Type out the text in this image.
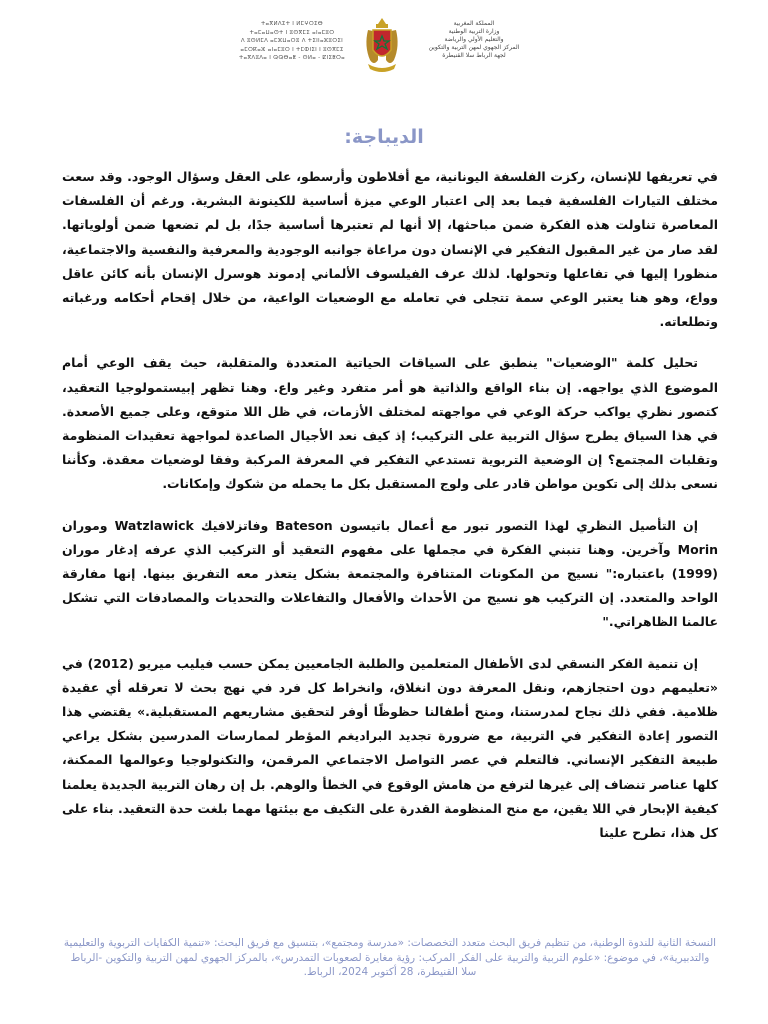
ⵜⴰⴳⵍⴷⵉⵜ ⵏ ⵍⵎⵖⵔⵉⴱ
ⵜⴰⵎⴰⵡⴰⵙⵜ ⵏ ⵓⵙⴳⵎⵉ ⴰⵏⴰⵎⵓⵔ
ⴷ ⵓⵙⵍⵎⴷ ⴰⵎⵣⵡⴰⵔⵓ ⴷ ⵜⵉⵏⵏⴰⵣⵓⵔⵉⵏ
ⴰⵎⵔⴽⴰⵣ ⴰⵏⴰⵎⵓⵔ ⵏ ⵜⵎⵀⵏⵉⵏ ⵏ ⵓⵙⴳⵎⵉ
ⵜⴰⴳⴷⵓⴷⴰ ⵏ ⵕⵕⴱⴰⵟ - ⵙⵍⴰ - ⵇⵏⵉⵟⵔⴰ
المملكة المغربية
وزارة التربية الوطنية
والتعليم الأولي والرياضة
المركز الجهوي لمهن التربية والتكوين
لجهة الرباط سلا القنيطرة
الديباجة:

في تعريفها للإنسان، ركزت الفلسفة اليونانية، مع أفلاطون وأرسطو، على العقل وسؤال الوجود. وقد سعت مختلف التيارات الفلسفية فيما بعد إلى اعتبار الوعي ميزة أساسية للكينونة البشرية. ورغم أن الفلسفات المعاصرة تناولت هذه الفكرة ضمن مباحثها، إلا أنها لم تعتبرها أساسية جدًا، بل لم تضعها ضمن أولوياتها. لقد صار من غير المقبول التفكير في الإنسان دون مراعاة جوانبه الوجودية والمعرفية والنفسية والاجتماعية، منظورا إليها في تفاعلها وتحولها. لذلك عرف الفيلسوف الألماني إدموند هوسرل الإنسان بأنه كائن عاقل وواع، وهو هنا يعتبر الوعي سمة تتجلى في تعامله مع الوضعيات الواعية، من خلال إقحام أحكامه ورغباته وتطلعاته.

تحليل كلمة "الوضعيات" ينطبق على السياقات الحياتية المتعددة والمتقلبة، حيث يقف الوعي أمام الموضوع الذي يواجهه. إن بناء الواقع والذاتية هو أمر متفرد وغير واع. وهنا تظهر إبيستمولوجيا التعقيد، كتصور نظري يواكب حركة الوعي في مواجهته لمختلف الأزمات، في ظل اللا متوقع، وعلى جميع الأصعدة. في هذا السياق يطرح سؤال التربية على التركيب؛ إذ كيف نعد الأجيال الصاعدة لمواجهة تعقيدات المنظومة وتقلبات المجتمع؟ إن الوضعية التربوية تستدعي التفكير في المعرفة المركبة وفقا لوضعيات معقدة. وكأننا نسعى بذلك إلى تكوين مواطن قادر على ولوج المستقبل بكل ما يحمله من شكوك وإمكانات.

إن التأصيل النظري لهذا التصور تبور مع أعمال باتيسون Bateson وفاتزلافيك Watzlawick وموران Morin وآخرين. وهنا تنبني الفكرة في مجملها على مفهوم التعقيد أو التركيب الذي عرفه إدغار موران (1999) باعتباره:" نسيج من المكونات المتنافرة والمجتمعة بشكل يتعذر معه التفريق بينها. إنها مفارقة الواحد والمتعدد. إن التركيب هو نسيج من الأحداث والأفعال والتفاعلات والتحديات والمصادفات التي تشكل عالمنا الظاهراتي."

إن تنمية الفكر النسقي لدى الأطفال المتعلمين والطلبة الجامعيين يمكن حسب فيليب ميريو (2012) في «تعليمهم دون احتجازهم، ونقل المعرفة دون انغلاق، وانخراط كل فرد في نهج بحث لا تعرقله أي عقيدة ظلامية. ففي ذلك نجاح لمدرستنا، ومنح أطفالنا حظوظًا أوفر لتحقيق مشاريعهم المستقبلية.» يقتضي هذا التصور إعادة التفكير في التربية، مع ضرورة تجديد البراديغم المؤطر لممارسات المدرسين بشكل يراعي طبيعة التفكير الإنساني. فالتعلم في عصر التواصل الاجتماعي المرقمن، والتكنولوجيا وعوالمها الممكنة، كلها عناصر تنضاف إلى غيرها لترفع من هامش الوقوع في الخطأ والوهم. بل إن رهان التربية الجديدة يعلمنا كيفية الإبحار في اللا يقين، مع منح المنظومة القدرة على التكيف مع بيئتها مهما بلغت حدة التعقيد. بناء على كل هذا، تطرح علينا

النسخة الثانية للندوة الوطنية، من تنظيم فريق البحث متعدد التخصصات: «مدرسة ومجتمع»، بتنسيق مع فريق البحث: «تنمية الكفايات التربوية والتعليمية والتدبيرية»، في موضوع: «علوم التربية والتربية على الفكر المركب: رؤية مغايرة لصعوبات التمدرس»، بالمركز الجهوي لمهن التربية والتكوين -الرباط سلا القنيطرة، 28 أكتوبر 2024، الرباط.
